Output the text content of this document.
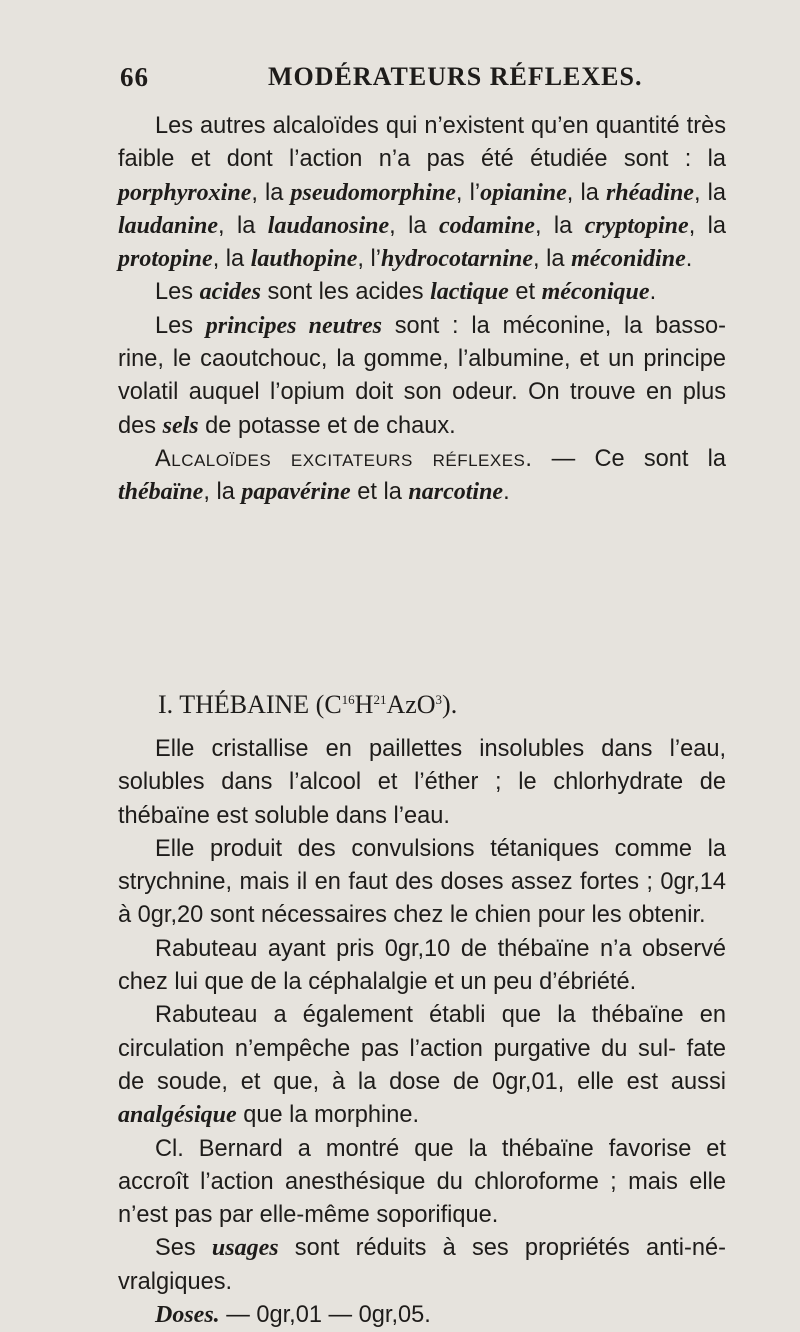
66	MODÉRATEURS RÉFLEXES.

Les autres alcaloïdes qui n’existent qu’en quantité très faible et dont l’action n’a pas été étudiée sont : la porphyroxine, la pseudomorphine, l’opianine, la rhéadine, la laudanine, la laudanosine, la codamine, la cryptopine, la protopine, la lauthopine, l’hydrocotarnine, la méconidine.

Les acides sont les acides lactique et méconique.

Les principes neutres sont : la méconine, la basso- rine, le caoutchouc, la gomme, l’albumine, et un principe volatil auquel l’opium doit son odeur. On trouve en plus des sels de potasse et de chaux.

Alcaloïdes excitateurs réflexes. — Ce sont la thébaïne, la papavérine et la narcotine.

I. THÉBAINE $(C^{16}H^{21}AzO^3)$.

Elle cristallise en paillettes insolubles dans l’eau, solubles dans l’alcool et l’éther ; le chlorhydrate de thébaïne est soluble dans l’eau.

Elle produit des convulsions tétaniques comme la strychnine, mais il en faut des doses assez fortes ; 0gr,14 à 0gr,20 sont nécessaires chez le chien pour les obtenir.

Rabuteau ayant pris 0gr,10 de thébaïne n’a observé chez lui que de la céphalalgie et un peu d’ébriété.

Rabuteau a également établi que la thébaïne en circulation n’empêche pas l’action purgative du sul- fate de soude, et que, à la dose de 0gr,01, elle est aussi analgésique que la morphine.

Cl. Bernard a montré que la thébaïne favorise et accroît l’action anesthésique du chloroforme ; mais elle n’est pas par elle-même soporifique.

Ses usages sont réduits à ses propriétés anti-né- vralgiques.

Doses. — 0gr,01 — 0gr,05.
